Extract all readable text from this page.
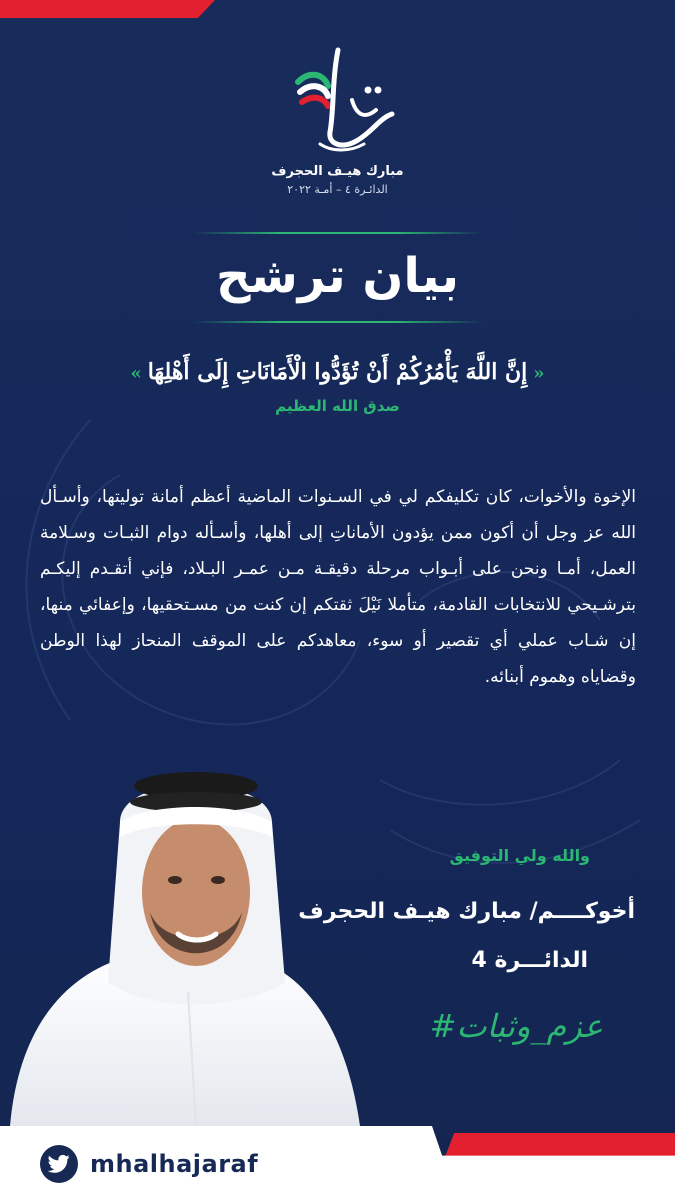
مبارك هيـف الحجرف
الدائـرة ٤ – أمـة ٢٠٢٢
بيان ترشح
«إِنَّ اللَّهَ يَأْمُرُكُمْ أَنْ تُؤَدُّوا الْأَمَانَاتِ إِلَى أَهْلِهَا»
صدق الله العظيم
الإخوة والأخوات، كان تكليفكم لي في السـنوات الماضية أعظم أمانة توليتها، وأسـأل الله عز وجل أن أكون ممن يؤدون الأماناتِ إلى أهلها، وأسـأله دوام الثبـات وسـلامة العمل، أمـا ونحن على أبـواب مرحلة دقيقـة مـن عمـر البـلاد، فإني أتقـدم إليكـم بترشـيحي للانتخابات القادمة، متأملا نَيْلَ ثقتكم إن كنت من مسـتحقيها، وإعفائي منها، إن شـاب عملي أي تقصير أو سوء، معاهدكم على الموقف المنحاز لهذا الوطن وقضاياه وهموم أبنائه.
والله ولي التوفيق
أخوكــــم/ مبارك هيـف الحجرف
الدائـــرة 4
#عزم_وثبات
mhalhajaraf
